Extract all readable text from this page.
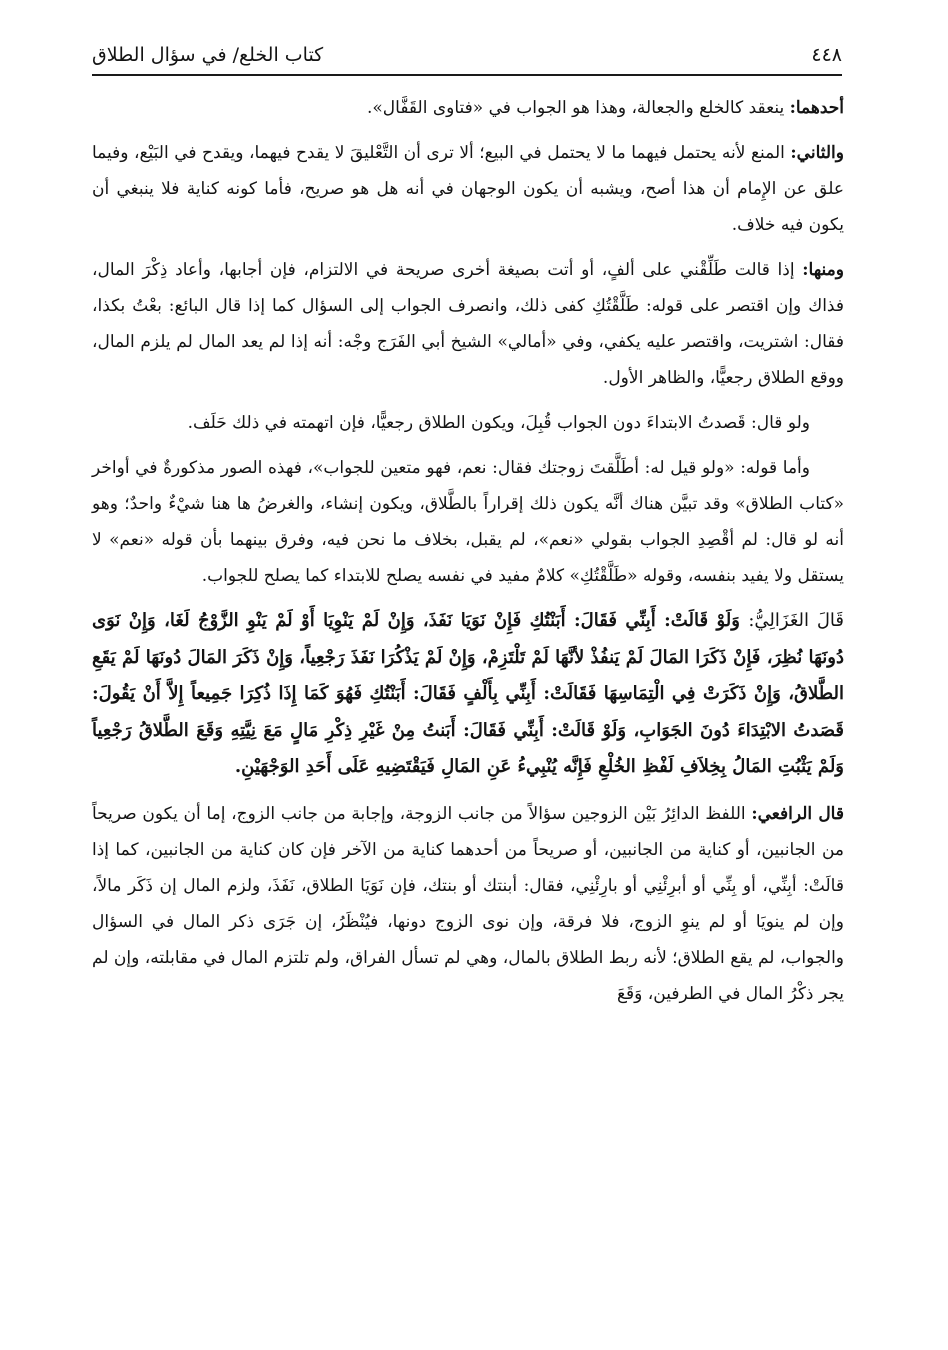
٤٤٨
كتاب الخلع/ في سؤال الطلاق

أحدهما: ينعقد كالخلع والجعالة، وهذا هو الجواب في «فتاوى القَفَّال».

والثاني: المنع لأنه يحتمل فيهما ما لا يحتمل في البيع؛ ألا ترى أن التَّعْليقَ لا يقدح فيهما، ويقدح في البَيْع، وفيما علق عن الإِمام أن هذا أصح، ويشبه أن يكون الوجهان في أنه هل هو صريح، فأما كونه كناية فلا ينبغي أن يكون فيه خلاف.

ومنها: إذا قالت طَلِّقْني على ألفٍ، أو أتت بصيغة أخرى صريحة في الالتزام، فإن أجابها، وأعاد ذِكْرَ المال، فذاك وإن اقتصر على قوله: طَلَّقْتُكِ كفى ذلك، وانصرف الجواب إلى السؤال كما إذا قال البائع: بعْتُ بكذا، فقال: اشتريت، واقتصر عليه يكفي، وفي «أمالي» الشيخ أبي الفَرَج وجْه: أنه إذا لم يعد المال لم يلزم المال، ووقع الطلاق رجعيًّا، والظاهر الأول.

ولو قال: قَصدتُ الابتداءَ دون الجواب قُبِلَ، ويكون الطلاق رجعيًّا، فإن اتهمته في ذلك حَلَف.

وأما قوله: «ولو قيل له: أطَلَّقتَ زوجتك فقال: نعم، فهو متعين للجواب»، فهذه الصور مذكورةٌ في أواخر «كتاب الطلاق» وقد تبيَّن هناك أنَّه يكون ذلك إقراراً بالطَّلاق، ويكون إنشاء، والغرضُ ها هنا شيْءٌ واحدٌ؛ وهو أنه لو قال: لم أقْصِدِ الجواب بقولي «نعم»، لم يقبل، بخلاف ما نحن فيه، وفرق بينهما بأن قوله «نعم» لا يستقل ولا يفيد بنفسه، وقوله «طَلَّقْتُكِ» كلامٌ مفيد في نفسه يصلح للابتداء كما يصلح للجواب.

قَالَ الغَزَالِيُّ: وَلَوْ قَالَتْ: أَبِنِّي فَقَالَ: أَبَنْتُكِ فَإِنْ نَوَيَا نَفَذَ، وَإِنْ لَمْ يَنْوِيَا أَوْ لَمْ يَنْوِ الزَّوْجُ لَغَا، وَإِنْ نَوَى دُونَهَا نُظِرَ، فَإِنْ ذَكَرَا المَالَ لَمْ يَنفُذْ لأنَّهَا لَمْ تَلْتَزِمْ، وَإِنْ لَمْ يَذْكُرَا نَفَذَ رَجْعِياً، وَإِنْ ذَكَرَ المَالَ دُونَهَا لَمْ يَقَعِ الطَّلاقُ، وَإِنْ ذَكَرَتْ فِي الْتِمَاسِهَا فَقَالَتْ: أَبِنِّي بِأَلْفٍ فَقَالَ: أَبَنْتُكِ فَهُوَ كَمَا إِذَا ذُكِرَا جَمِيعاً إِلاَّ أَنْ يَقُولَ: قَصَدتُ الابْتِدَاءَ دُونَ الجَوَابِ، وَلَوْ قَالَتْ: أَبِنِّي فَقَالَ: أَبَنتُ مِنْ غَيْرِ ذِكْرِ مَالٍ مَعَ نِيَّتِهِ وَقَعَ الطَّلاقُ رَجْعِياً وَلَمْ يَثْبُتِ المَالُ بِخِلاَفِ لَفْظِ الخُلْعِ فَإِنَّه يُنْبِيءُ عَنِ المَالِ فَيَقْتَضِيهِ عَلَى أَحَدِ الوَجْهَيْنِ.

قال الرافعي: اللفظ الدائِرُ بَيْن الزوجين سؤالاً من جانب الزوجة، وإجابة من جانب الزوج، إما أن يكون صريحاً من الجانبين، أو كناية من الجانبين، أو صريحاً من أحدهما كناية من الآخر فإن كان كناية من الجانبين، كما إذا قالَتْ: أبِنِّي، أو بِنِّي أو أبرِئْنِي أو بارِئْنِي، فقال: أبنتك أو بنتك، فإن نَوَيَا الطلاق، نَفَذَ، ولزم المال إن ذَكَر مالاً، وإن لم ينويَا أو لم ينوِ الزوج، فلا فرقة، وإن نوى الزوج دونها، فيُنْظَرُ، إن جَرَى ذكر المال في السؤال والجواب، لم يقع الطلاق؛ لأنه ربط الطلاق بالمال، وهي لم تسأل الفراق، ولم تلتزم المال في مقابلته، وإن لم يجر ذكْرُ المال في الطرفين، وَقَعَ
